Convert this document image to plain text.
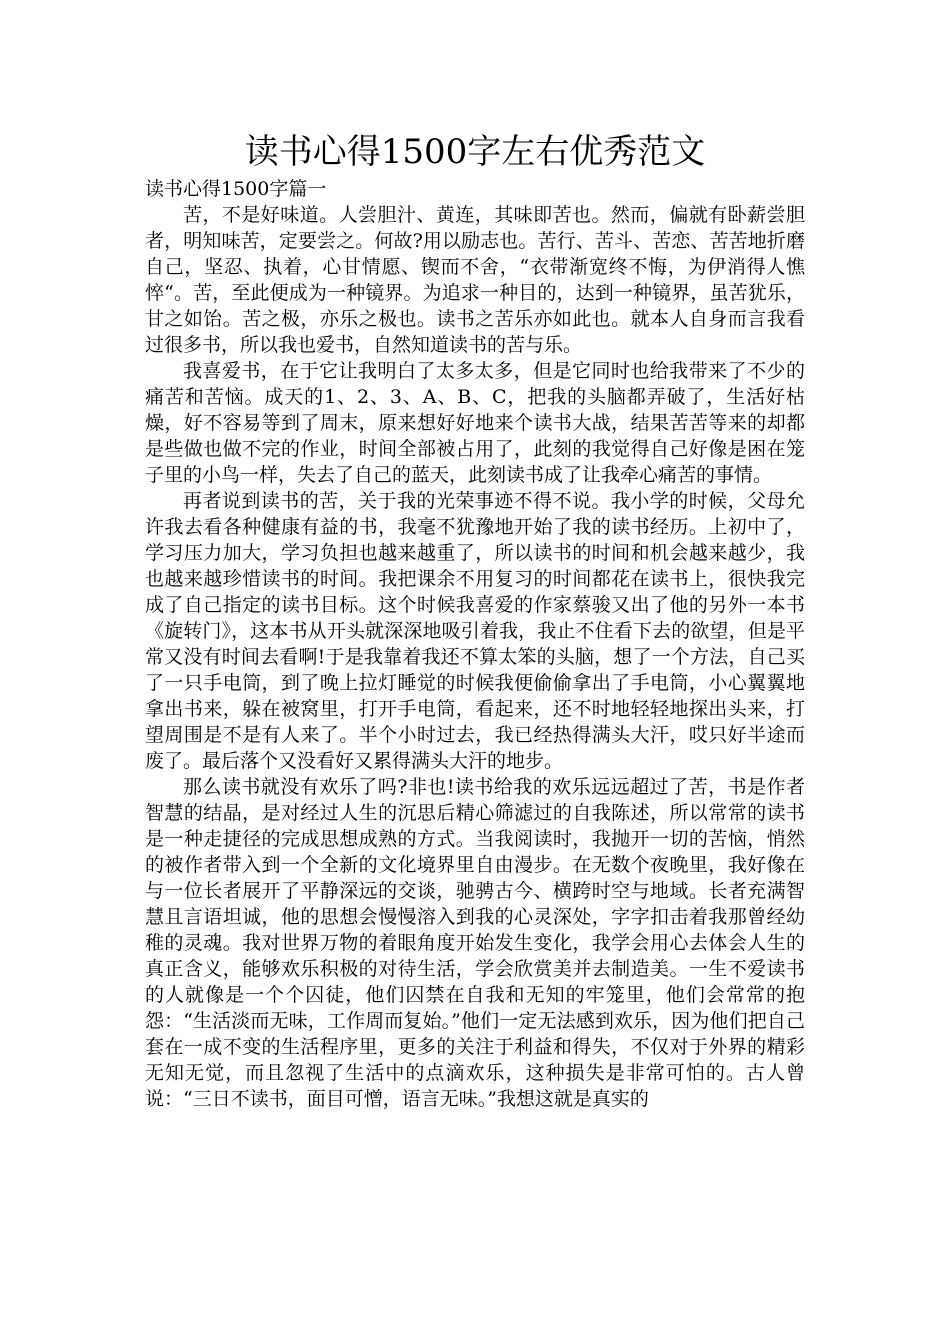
读书心得1500字左右优秀范文
读书心得1500字篇一

苦，不是好味道。人尝胆汁、黄连，其味即苦也。然而，偏就有卧薪尝胆者，明知味苦，定要尝之。何故?用以励志也。苦行、苦斗、苦恋、苦苦地折磨自己，坚忍、执着，心甘情愿、锲而不舍，“衣带渐宽终不悔，为伊消得人憔悴“。苦，至此便成为一种镜界。为追求一种目的，达到一种镜界，虽苦犹乐，甘之如饴。苦之极，亦乐之极也。读书之苦乐亦如此也。就本人自身而言我看过很多书，所以我也爱书，自然知道读书的苦与乐。

我喜爱书，在于它让我明白了太多太多，但是它同时也给我带来了不少的痛苦和苦恼。成天的1、2、3、A、B、C，把我的头脑都弄破了，生活好枯燥，好不容易等到了周末，原来想好好地来个读书大战，结果苦苦等来的却都是些做也做不完的作业，时间全部被占用了，此刻的我觉得自己好像是困在笼子里的小鸟一样，失去了自己的蓝天，此刻读书成了让我牵心痛苦的事情。

再者说到读书的苦，关于我的光荣事迹不得不说。我小学的时候，父母允许我去看各种健康有益的书，我毫不犹豫地开始了我的读书经历。上初中了，学习压力加大，学习负担也越来越重了，所以读书的时间和机会越来越少，我也越来越珍惜读书的时间。我把课余不用复习的时间都花在读书上，很快我完成了自己指定的读书目标。这个时候我喜爱的作家蔡骏又出了他的另外一本书《旋转门》，这本书从开头就深深地吸引着我，我止不住看下去的欲望，但是平常又没有时间去看啊!于是我靠着我还不算太笨的头脑，想了一个方法，自己买了一只手电筒，到了晚上拉灯睡觉的时候我便偷偷拿出了手电筒，小心翼翼地拿出书来，躲在被窝里，打开手电筒，看起来，还不时地轻轻地探出头来，打望周围是不是有人来了。半个小时过去，我已经热得满头大汗，哎只好半途而废了。最后落个又没看好又累得满头大汗的地步。

那么读书就没有欢乐了吗?非也!读书给我的欢乐远远超过了苦，书是作者智慧的结晶，是对经过人生的沉思后精心筛滤过的自我陈述，所以常常的读书是一种走捷径的完成思想成熟的方式。当我阅读时，我抛开一切的苦恼，悄然的被作者带入到一个全新的文化境界里自由漫步。在无数个夜晚里，我好像在与一位长者展开了平静深远的交谈，驰骋古今、横跨时空与地域。长者充满智慧且言语坦诚，他的思想会慢慢溶入到我的心灵深处，字字扣击着我那曾经幼稚的灵魂。我对世界万物的着眼角度开始发生变化，我学会用心去体会人生的真正含义，能够欢乐积极的对待生活，学会欣赏美并去制造美。一生不爱读书的人就像是一个个囚徒，他们囚禁在自我和无知的牢笼里，他们会常常的抱怨：“生活淡而无味，工作周而复始。”他们一定无法感到欢乐，因为他们把自己套在一成不变的生活程序里，更多的关注于利益和得失，不仅对于外界的精彩无知无觉，而且忽视了生活中的点滴欢乐，这种损失是非常可怕的。古人曾说：“三日不读书，面目可憎，语言无味。”我想这就是真实的
